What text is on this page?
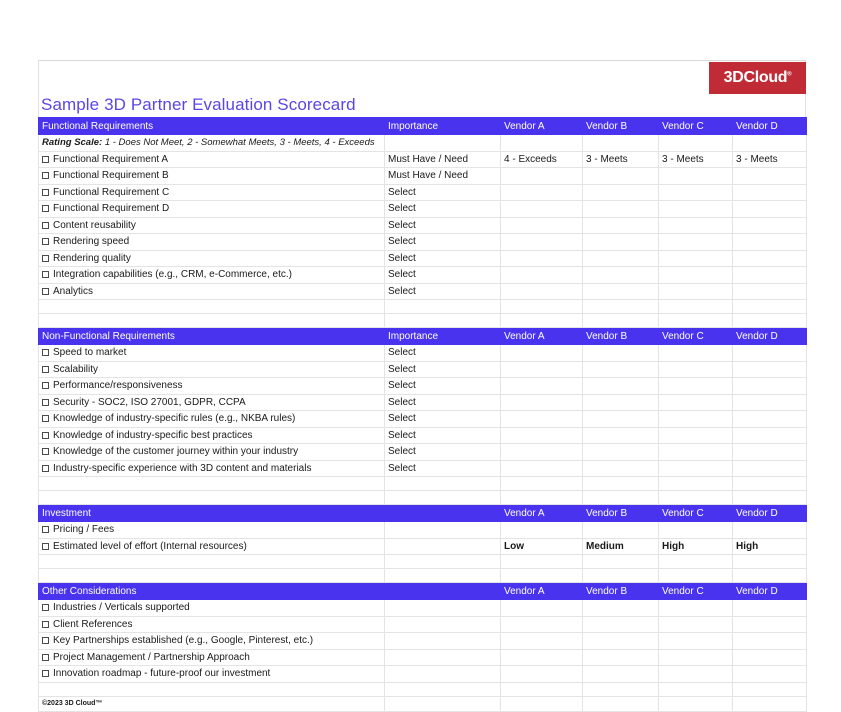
3DCloud®
Sample 3D Partner Evaluation Scorecard
Functional Requirements	Importance	Vendor A	Vendor B	Vendor C	Vendor D
Rating Scale: 1 - Does Not Meet, 2 - Somewhat Meets, 3 - Meets, 4 - Exceeds					
Functional Requirement A	Must Have / Need	4 - Exceeds	3 - Meets	3 - Meets	3 - Meets
Functional Requirement B	Must Have / Need				
Functional Requirement C	Select				
Functional Requirement D	Select				
Content reusability	Select				
Rendering speed	Select				
Rendering quality	Select				
Integration capabilities (e.g., CRM, e-Commerce, etc.)	Select				
Analytics	Select				

Non-Functional Requirements	Importance	Vendor A	Vendor B	Vendor C	Vendor D
Speed to market	Select				
Scalability	Select				
Performance/responsiveness	Select				
Security - SOC2, ISO 27001, GDPR, CCPA	Select				
Knowledge of industry-specific rules (e.g., NKBA rules)	Select				
Knowledge of industry-specific best practices	Select				
Knowledge of the customer journey within your industry	Select				
Industry-specific experience with 3D content and materials	Select				

Investment		Vendor A	Vendor B	Vendor C	Vendor D
Pricing / Fees					
Estimated level of effort (Internal resources)		Low	Medium	High	High

Other Considerations		Vendor A	Vendor B	Vendor C	Vendor D
Industries / Verticals supported					
Client References					
Key Partnerships established (e.g., Google, Pinterest, etc.)					
Project Management / Partnership Approach					
Innovation roadmap - future-proof our investment					

©2023 3D Cloud™					
